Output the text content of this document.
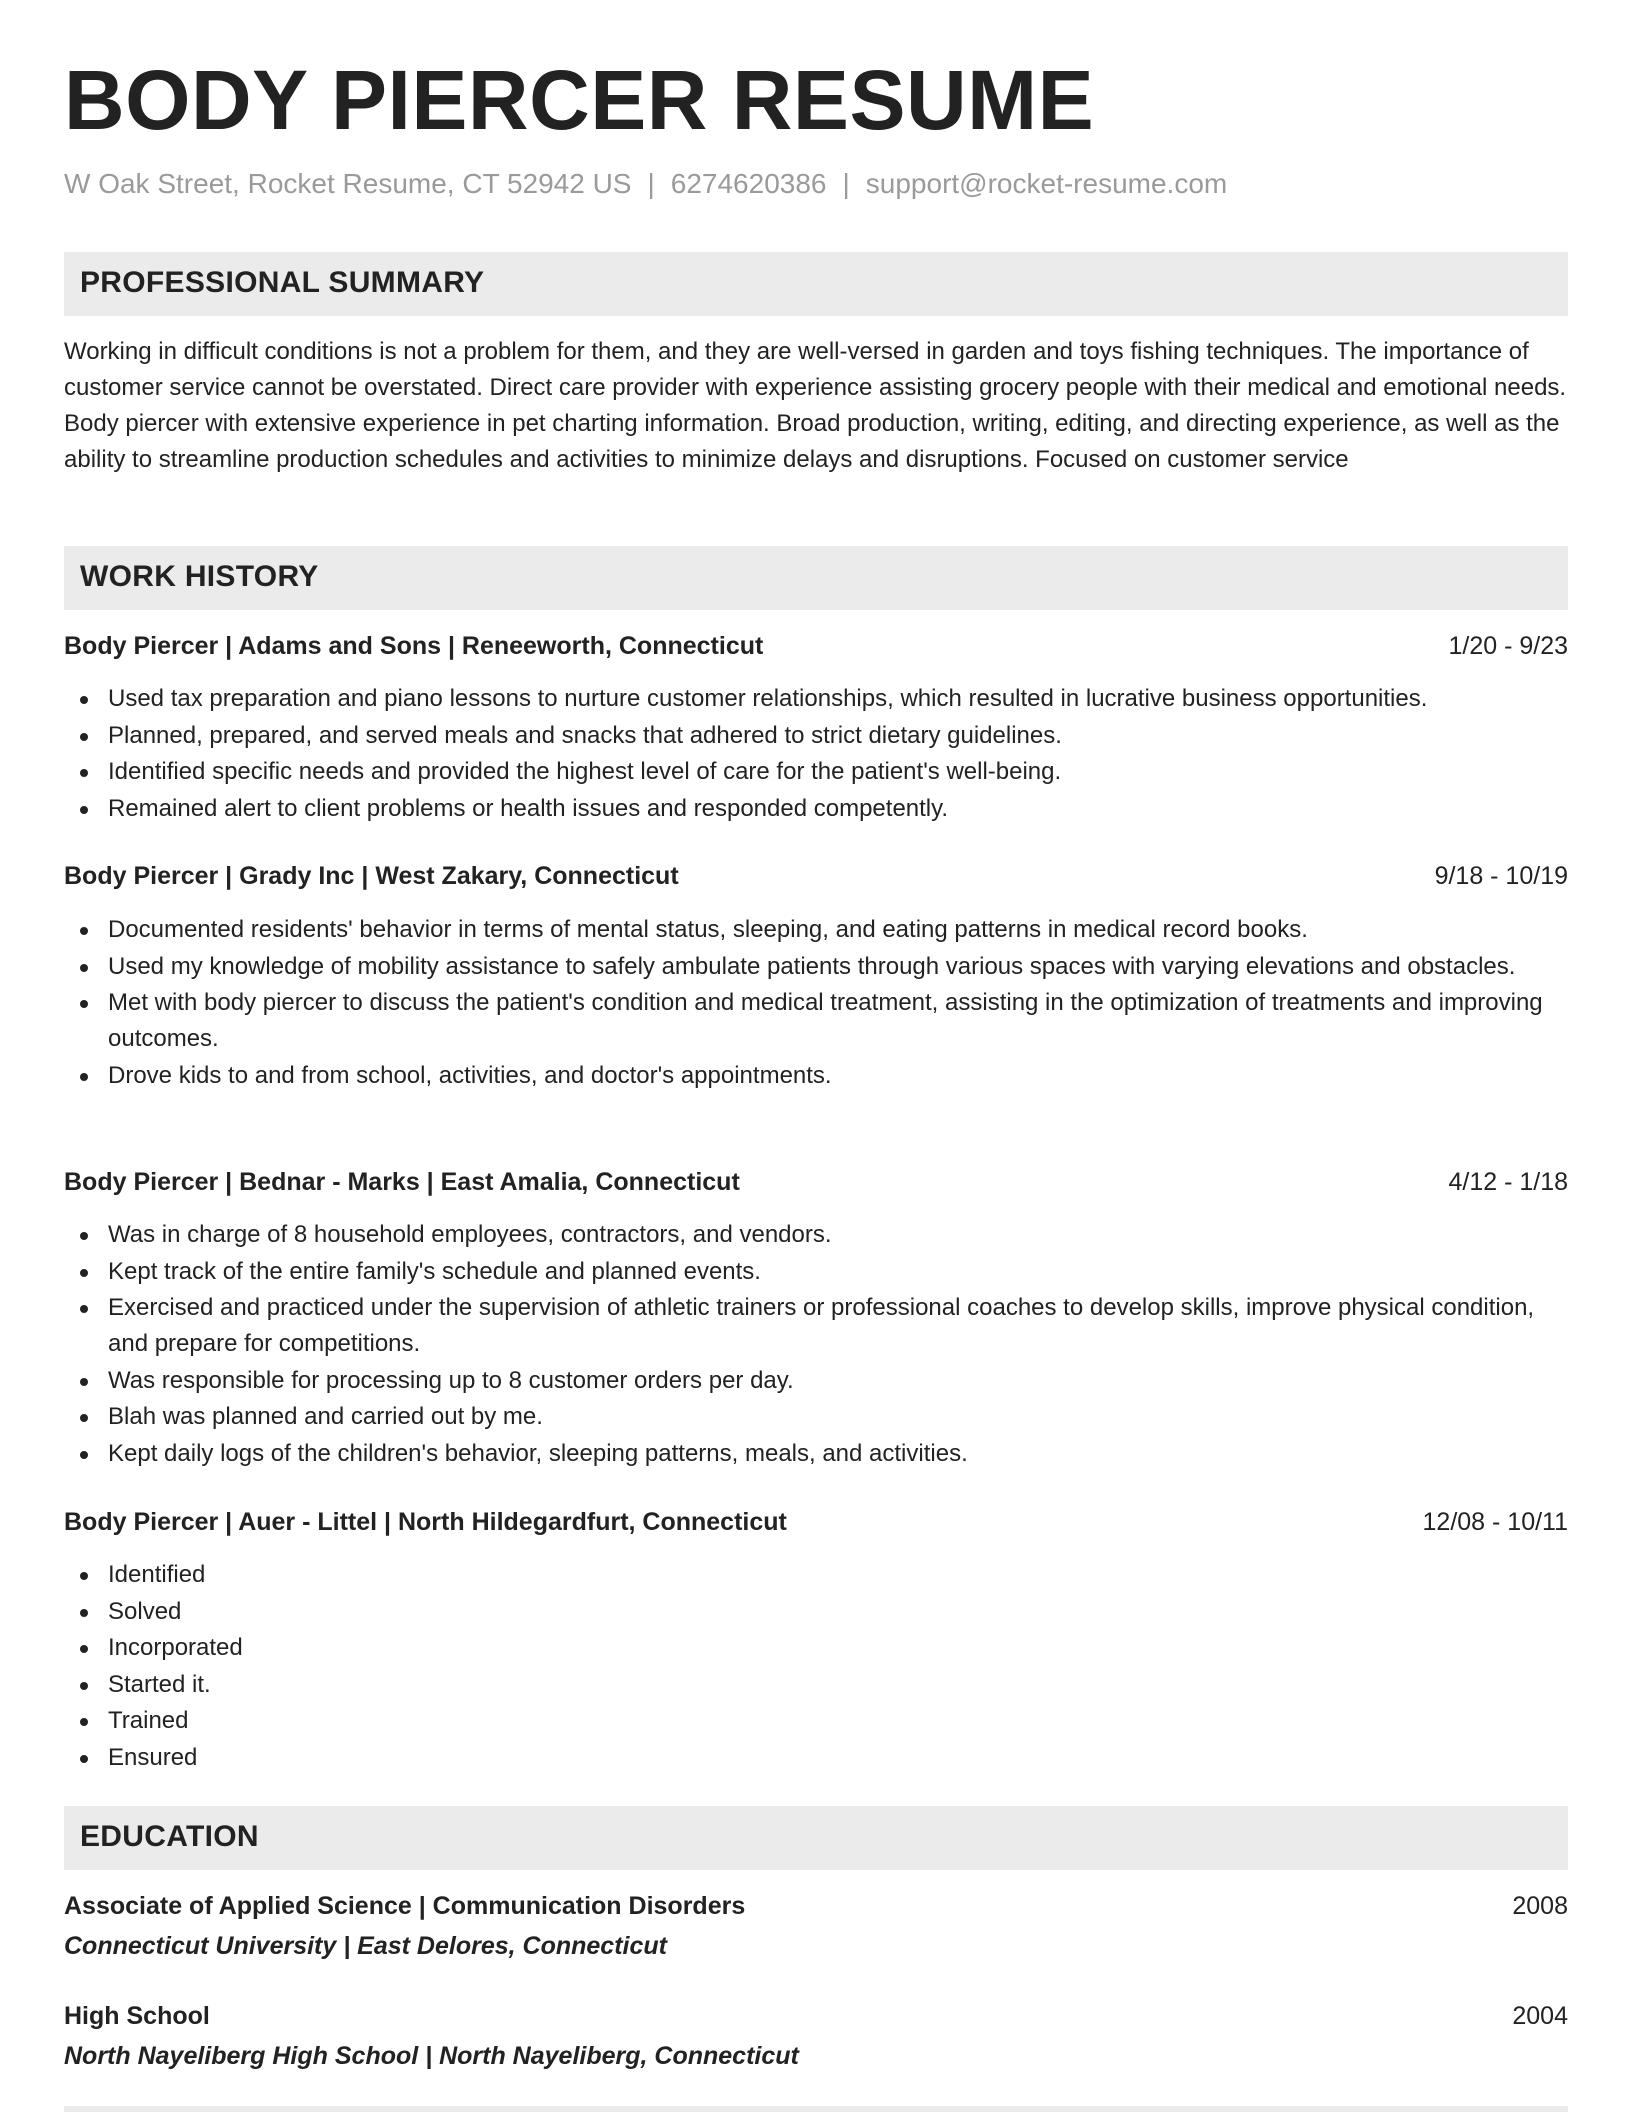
BODY PIERCER RESUME
W Oak Street, Rocket Resume, CT 52942 US | 6274620386 | support@rocket-resume.com
PROFESSIONAL SUMMARY

Working in difficult conditions is not a problem for them, and they are well-versed in garden and toys fishing techniques. The importance of customer service cannot be overstated. Direct care provider with experience assisting grocery people with their medical and emotional needs. Body piercer with extensive experience in pet charting information. Broad production, writing, editing, and directing experience, as well as the ability to streamline production schedules and activities to minimize delays and disruptions. Focused on customer service

WORK HISTORY
Body Piercer | Adams and Sons | Reneeworth, Connecticut	1/20 - 9/23
Used tax preparation and piano lessons to nurture customer relationships, which resulted in lucrative business opportunities.
Planned, prepared, and served meals and snacks that adhered to strict dietary guidelines.
Identified specific needs and provided the highest level of care for the patient's well-being.
Remained alert to client problems or health issues and responded competently.
Body Piercer | Grady Inc | West Zakary, Connecticut	9/18 - 10/19
Documented residents' behavior in terms of mental status, sleeping, and eating patterns in medical record books.
Used my knowledge of mobility assistance to safely ambulate patients through various spaces with varying elevations and obstacles.
Met with body piercer to discuss the patient's condition and medical treatment, assisting in the optimization of treatments and improving outcomes.
Drove kids to and from school, activities, and doctor's appointments.
Body Piercer | Bednar - Marks | East Amalia, Connecticut	4/12 - 1/18
Was in charge of 8 household employees, contractors, and vendors.
Kept track of the entire family's schedule and planned events.
Exercised and practiced under the supervision of athletic trainers or professional coaches to develop skills, improve physical condition, and prepare for competitions.
Was responsible for processing up to 8 customer orders per day.
Blah was planned and carried out by me.
Kept daily logs of the children's behavior, sleeping patterns, meals, and activities.
Body Piercer | Auer - Littel | North Hildegardfurt, Connecticut	12/08 - 10/11
Identified
Solved
Incorporated
Started it.
Trained
Ensured
EDUCATION
Associate of Applied Science | Communication Disorders	2008
Connecticut University | East Delores, Connecticut
High School	2004
North Nayeliberg High School | North Nayeliberg, Connecticut
